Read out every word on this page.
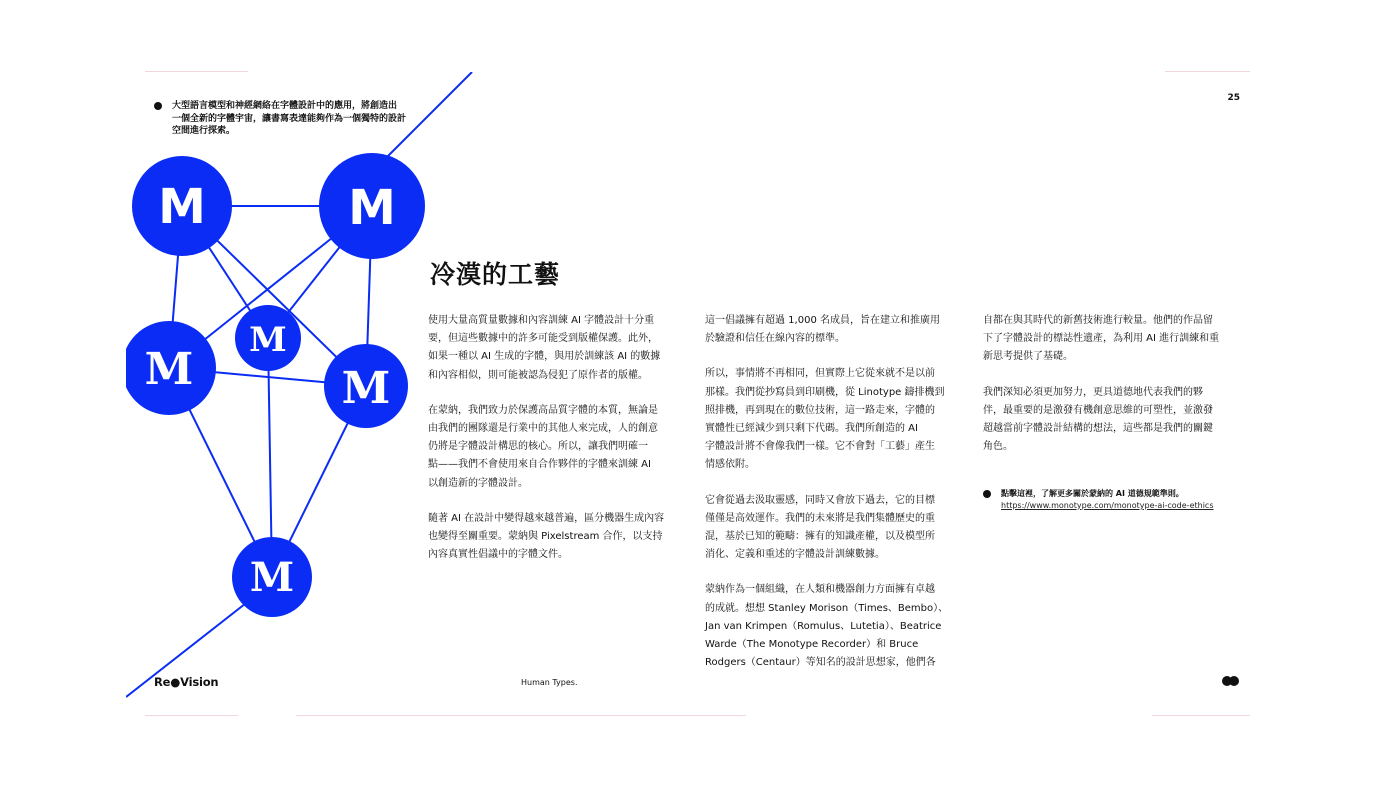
M	M
M
M
M
M
大型語言模型和神經網絡在字體設計中的應用，將創造出
一個全新的字體宇宙，讓書寫表達能夠作為一個獨特的設計
空間進行探索。
25
冷漠的工藝

使用大量高質量數據和內容訓練 AI 字體設計十分重
要，但這些數據中的許多可能受到版權保護。此外，
如果一種以 AI 生成的字體，與用於訓練該 AI 的數據
和內容相似，則可能被認為侵犯了原作者的版權。

在蒙納，我們致力於保護高品質字體的本質，無論是
由我們的團隊還是行業中的其他人來完成，人的創意
仍將是字體設計構思的核心。所以，讓我們明確一
點——我們不會使用來自合作夥伴的字體來訓練 AI
以創造新的字體設計。

隨著 AI 在設計中變得越來越普遍，區分機器生成內容
也變得至關重要。蒙納與 Pixelstream 合作，以支持
內容真實性倡議中的字體文件。

這一倡議擁有超過 1,000 名成員，旨在建立和推廣用
於驗證和信任在線內容的標準。

所以，事情將不再相同，但實際上它從來就不是以前
那樣。我們從抄寫員到印刷機，從 Linotype 鑄排機到
照排機，再到現在的數位技術，這一路走來，字體的
實體性已經減少到只剩下代碼。我們所創造的 AI
字體設計將不會像我們一樣。它不會對「工藝」產生
情感依附。

它會從過去汲取靈感，同時又會放下過去，它的目標
僅僅是高效運作。我們的未來將是我們集體歷史的重
混，基於已知的範疇：擁有的知識產權，以及模型所
消化、定義和重述的字體設計訓練數據。

蒙納作為一個組織，在人類和機器創力方面擁有卓越
的成就。想想 Stanley Morison（Times、Bembo）、
Jan van Krimpen（Romulus、Lutetia）、Beatrice
Warde（The Monotype Recorder）和 Bruce
Rodgers（Centaur）等知名的設計思想家，他們各

自都在與其時代的新舊技術進行較量。他們的作品留
下了字體設計的標誌性遺產，為利用 AI 進行訓練和重
新思考提供了基礎。

我們深知必須更加努力，更具道德地代表我們的夥
伴，最重要的是激發有機創意思維的可塑性，並激發
超越當前字體設計結構的想法，這些都是我們的關鍵
角色。

點擊這裡，了解更多關於蒙納的 AI 道德規範準則。
https://www.monotype.com/monotype-ai-code-ethics
Re●Vision	Human Types.
